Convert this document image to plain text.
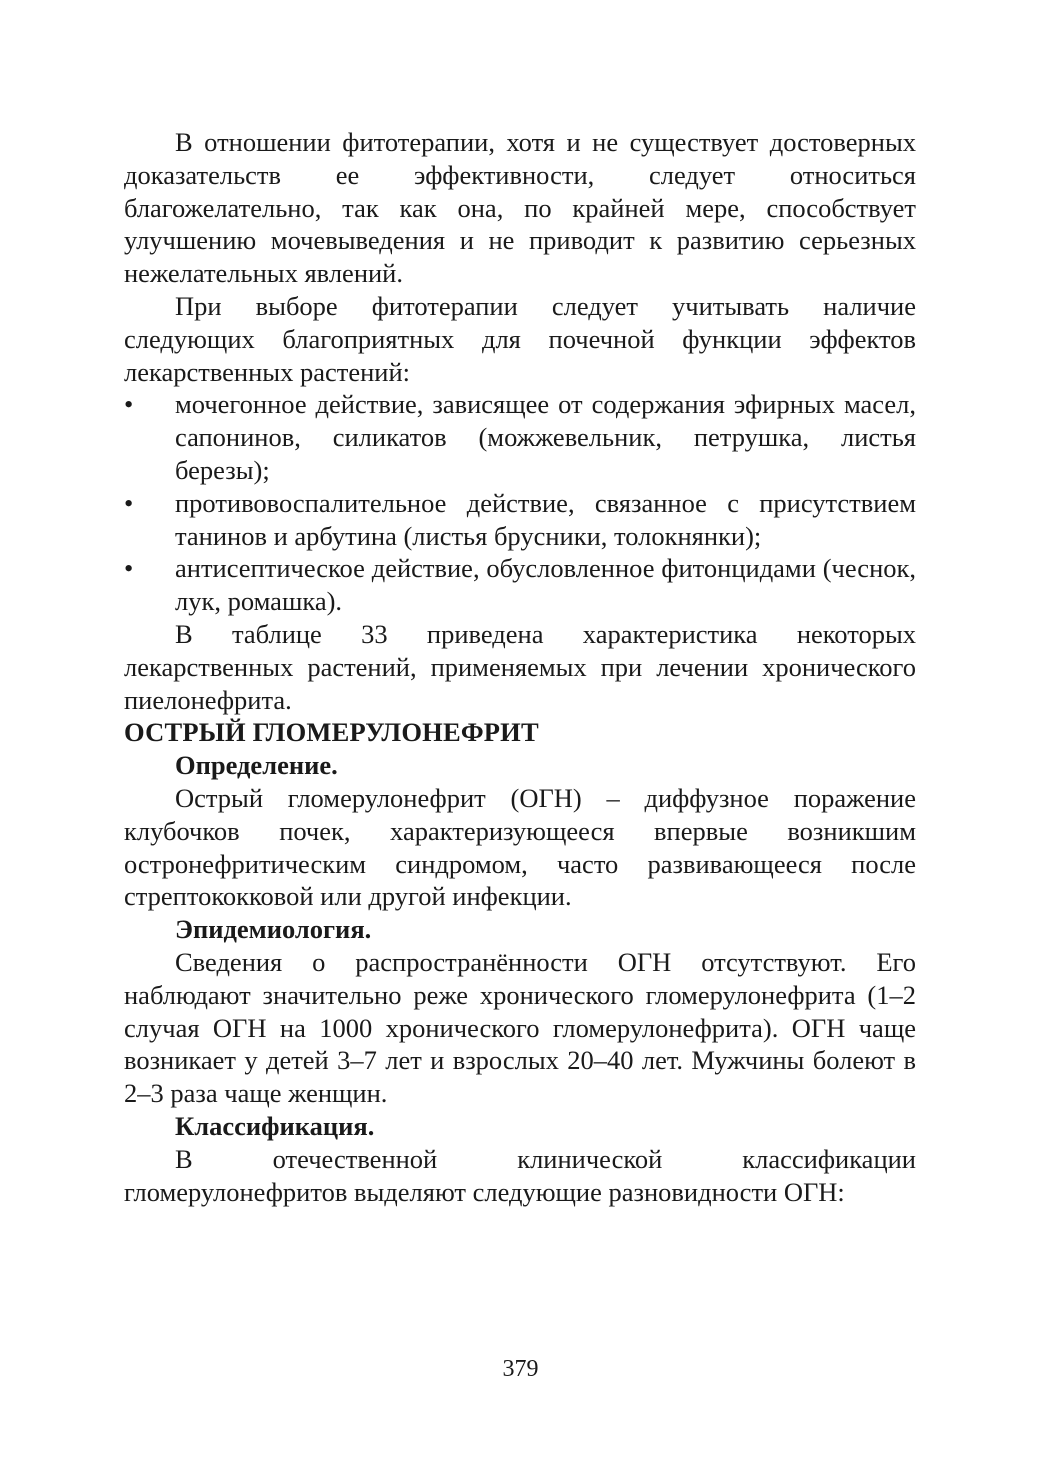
В отношении фитотерапии, хотя и не существует достоверных доказательств ее эффективности, следует относиться благожелательно, так как она, по крайней мере, способствует улучшению мочевыведения и не приводит к развитию серьезных нежелательных явлений.

При выборе фитотерапии следует учитывать наличие следующих благоприятных для почечной функции эффектов лекарственных растений:

• мочегонное действие, зависящее от содержания эфирных масел, сапонинов, силикатов (можжевельник, петрушка, листья березы);
• противовоспалительное действие, связанное с присутствием танинов и арбутина (листья брусники, толокнянки);
• антисептическое действие, обусловленное фитонцидами (чеснок, лук, ромашка).

В таблице 33 приведена характеристика некоторых лекарственных растений, применяемых при лечении хронического пиелонефрита.

ОСТРЫЙ ГЛОМЕРУЛОНЕФРИТ

Определение.

Острый гломерулонефрит (ОГН) – диффузное поражение клубочков почек, характеризующееся впервые возникшим остронефритическим синдромом, часто развивающееся после стрептококковой или другой инфекции.

Эпидемиология.

Сведения о распространённости ОГН отсутствуют. Его наблюдают значительно реже хронического гломерулонефрита (1–2 случая ОГН на 1000 хронического гломерулонефрита). ОГН чаще возникает у детей 3–7 лет и взрослых 20–40 лет. Мужчины болеют в 2–3 раза чаще женщин.

Классификация.

В отечественной клинической классификации гломерулонефритов выделяют следующие разновидности ОГН:

379
